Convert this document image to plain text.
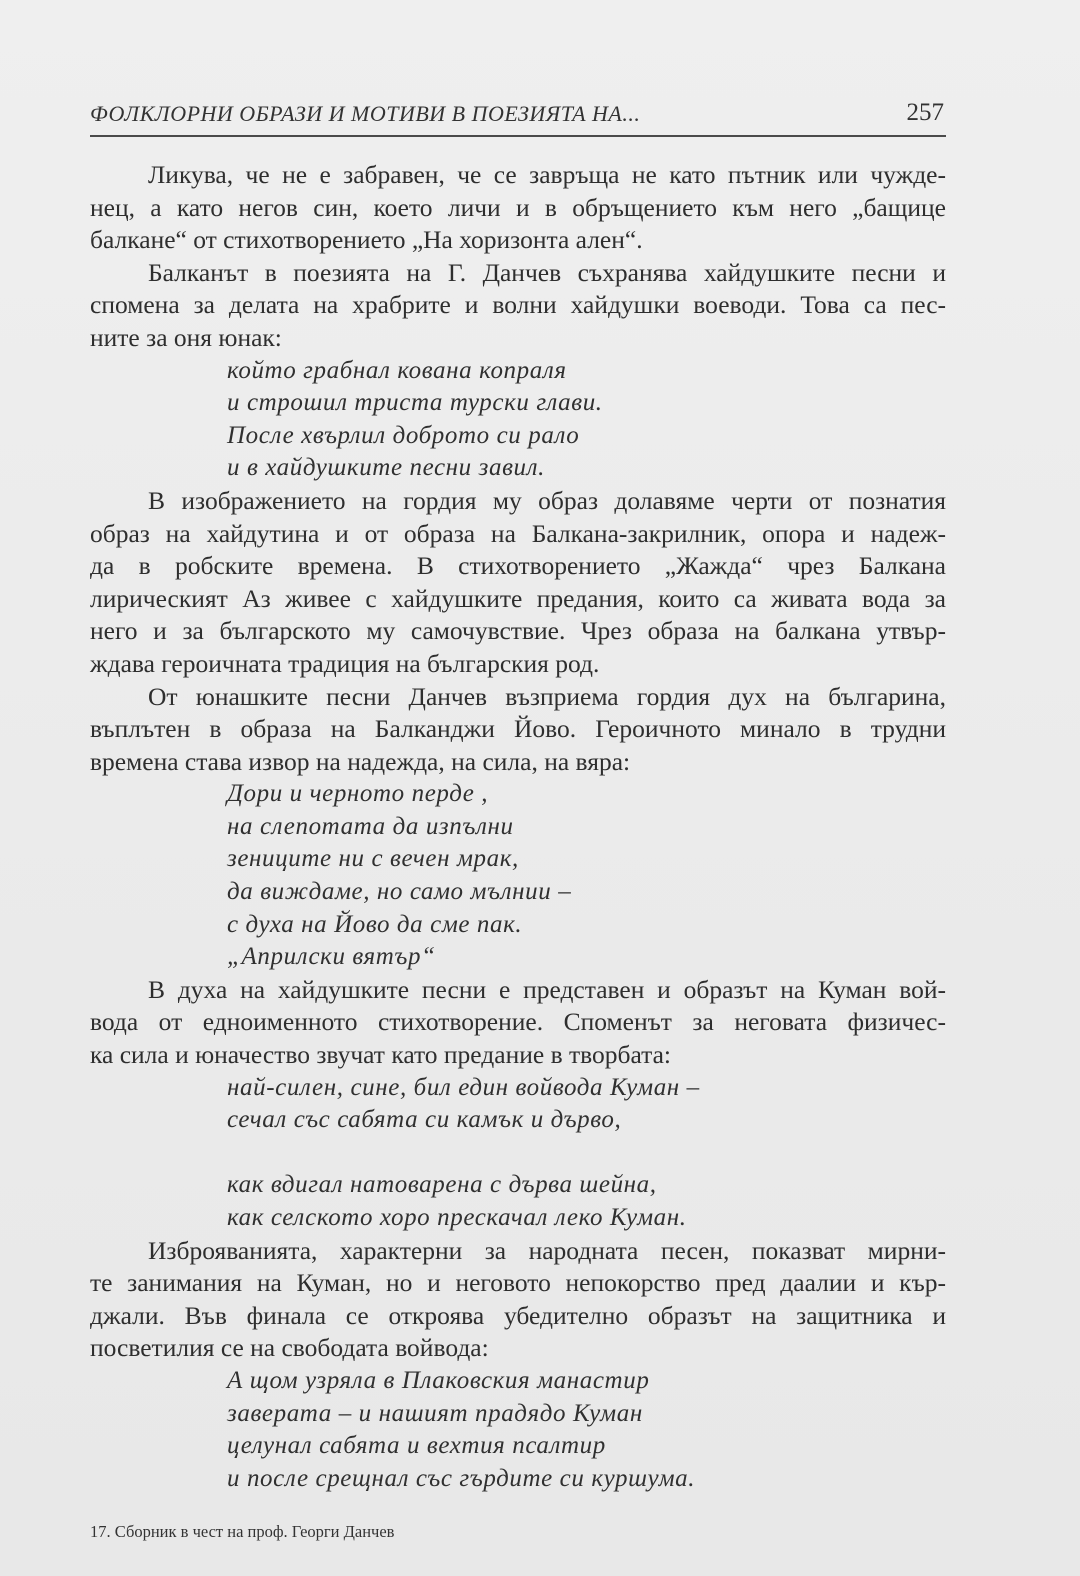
ФОЛКЛОРНИ ОБРАЗИ И МОТИВИ В ПОЕЗИЯТА НА...	257
Ликува, че не е забравен, че се завръща не като пътник или чужде-
нец, а като негов син, което личи и в обръщението към него „бащице
балкане“ от стихотворението „На хоризонта ален“.
Балканът в поезията на Г. Данчев съхранява хайдушките песни и
спомена за делата на храбрите и волни хайдушки воеводи. Това са пес-
ните за оня юнак:
който грабнал кована копраля
и строшил триста турски глави.
После хвърлил доброто си рало
и в хайдушките песни завил.
В изображението на гордия му образ долавяме черти от познатия
образ на хайдутина и от образа на Балкана-закрилник, опора и надеж-
да в робските времена. В стихотворението „Жажда“ чрез Балкана
лирическият Аз живее с хайдушките предания, които са живата вода за
него и за българското му самочувствие. Чрез образа на балкана утвър-
ждава героичната традиция на българския род.
От юнашките песни Данчев възприема гордия дух на българина,
въплътен в образа на Балканджи Йово. Героичното минало в трудни
времена става извор на надежда, на сила, на вяра:
Дори и черното перде ,
на слепотата да изпълни
зениците ни с вечен мрак,
да виждаме, но само мълнии –
с духа на Йово да сме пак.
„Априлски вятър“
В духа на хайдушките песни е представен и образът на Куман вой-
вода от едноименното стихотворение. Споменът за неговата физичес-
ка сила и юначество звучат като предание в творбата:
най-силен, сине, бил един войвода Куман –
сечал със сабята си камък и дърво,
как вдигал натоварена с дърва шейна,
как селското хоро прескачал леко Куман.
Изброяванията, характерни за народната песен, показват мирни-
те занимания на Куман, но и неговото непокорство пред даалии и кър-
джали. Във финала се откроява убедително образът на защитника и
посветилия се на свободата войвода:
А щом узряла в Плаковския манастир
заверата – и нашият прадядо Куман
целунал сабята и вехтия псалтир
и после срещнал със гърдите си куршума.
17. Сборник в чест на проф. Георги Данчев
